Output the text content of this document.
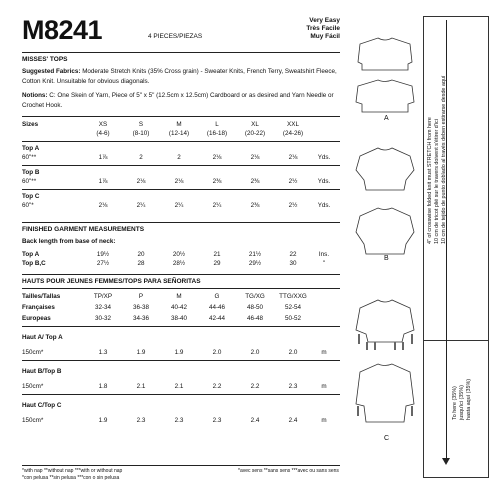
M8241	4 PIECES/PIEZAS
Very Easy
Très Facile
Muy Fácil
MISSES' TOPS
Suggested Fabrics: Moderate Stretch Knits (35% Cross grain) - Sweater Knits, French Terry, Sweatshirt Fleece, Cotton Knit. Unsuitable for obvious diagonals.
Notions: C: One Skein of Yarn, Piece of 5" x 5" (12.5cm x 12.5cm) Cardboard or as desired and Yarn Needle or Crochet Hook.
Sizes	XS	S	M	L	XL	XXL
(4-6)	(8-10)	(12-14)	(16-18)	(20-22)	(24-26)
Top A
60"**	1⅞	2	2	2⅛	2⅛	2⅛	Yds.
Top B
60"**	1⅞	2⅛	2⅛	2⅜	2⅜	2½	Yds.
Top C
60"*	2⅛	2¼	2¼	2¼	2⅜	2½	Yds.
FINISHED GARMENT MEASUREMENTS
Back length from base of neck:
Top A	19½	20	20½	21	21½	22	Ins.
Top B,C	27½	28	28½	29	29½	30	"
HAUTS POUR JEUNES FEMMES/TOPS PARA SEÑORITAS
Tailles/Tallas	TP/XP	P	M	G	TG/XG	TTG/XXG
Françaises	32-34	36-38	40-42	44-46	48-50	52-54
Europeas	30-32	34-36	38-40	42-44	46-48	50-52
Haut A/ Top A
150cm*	1.3	1.9	1.9	2.0	2.0	2.0	m
Haut B/Top B
150cm*	1.8	2.1	2.1	2.2	2.2	2.3	m
Haut C/Top C
150cm*	1.9	2.3	2.3	2.3	2.4	2.4	m
*with nap **without nap ***with or without nap	*avec sens **sans sens ***avec ou sans sens
*con pelusa **sin pelusa ***con o sin pelusa
A
B
C
4" of crosswise folded knit must STRETCH from here 10 cm de tricot plié sur le travers doivent s'étirer d'ici 10 cm de tejido de punto doblado al través deben estirarse desde aquí
To here (35%) jusqu'ici (35%) hasta aquí (35%)
